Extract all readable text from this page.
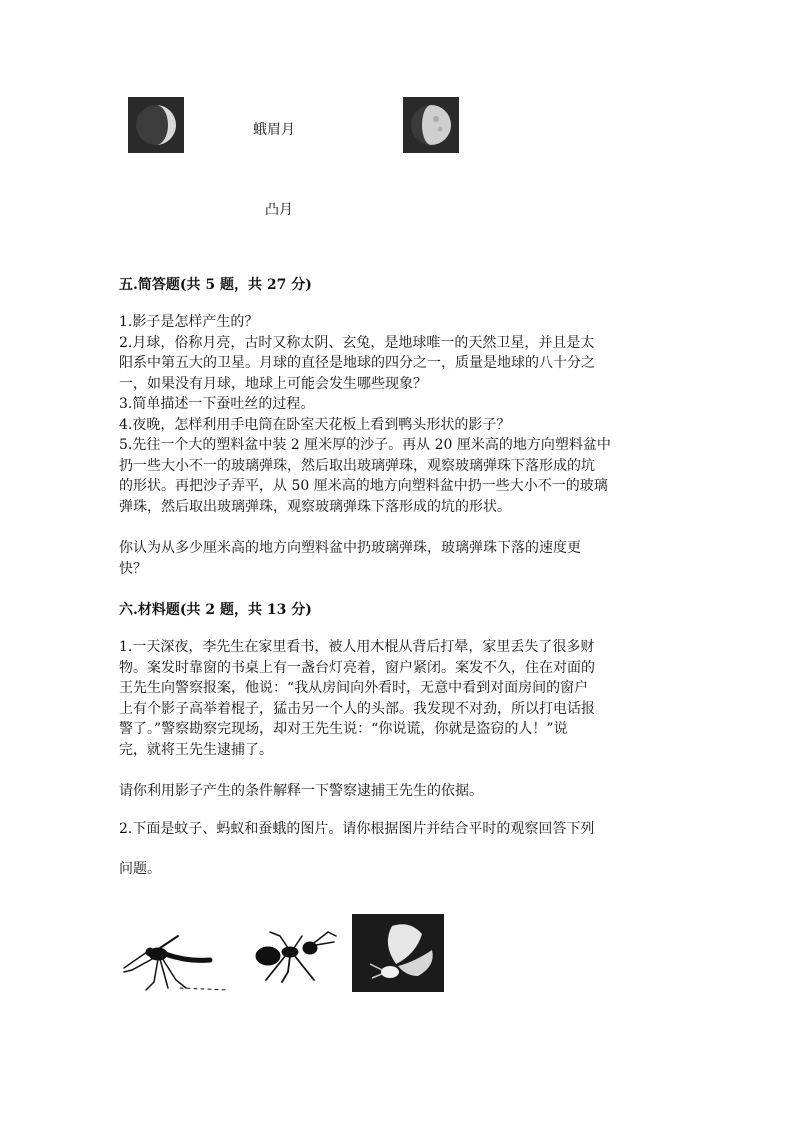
蛾眉月
凸月
五.简答题(共 5 题，共 27 分)
1.影子是怎样产生的？
2.月球，俗称月亮，古时又称太阴、玄兔，是地球唯一的天然卫星，并且是太
阳系中第五大的卫星。月球的直径是地球的四分之一，质量是地球的八十分之
一，如果没有月球，地球上可能会发生哪些现象？
3.简单描述一下蚕吐丝的过程。
4.夜晚，怎样利用手电筒在卧室天花板上看到鸭头形状的影子？
5.先往一个大的塑料盆中装 2 厘米厚的沙子。再从 20 厘米高的地方向塑料盆中
扔一些大小不一的玻璃弹珠，然后取出玻璃弹珠，观察玻璃弹珠下落形成的坑
的形状。再把沙子弄平，从 50 厘米高的地方向塑料盆中扔一些大小不一的玻璃
弹珠，然后取出玻璃弹珠，观察玻璃弹珠下落形成的坑的形状。
你认为从多少厘米高的地方向塑料盆中扔玻璃弹珠，玻璃弹珠下落的速度更
快？
六.材料题(共 2 题，共 13 分)
1.一天深夜，李先生在家里看书，被人用木棍从背后打晕，家里丢失了很多财
物。案发时靠窗的书桌上有一盏台灯亮着，窗户紧闭。案发不久，住在对面的
王先生向警察报案，他说：“我从房间向外看时，无意中看到对面房间的窗户
上有个影子高举着棍子，猛击另一个人的头部。我发现不对劲，所以打电话报
警了。”警察勘察完现场，却对王先生说：“你说谎，你就是盗窃的人！”说
完，就将王先生逮捕了。
请你利用影子产生的条件解释一下警察逮捕王先生的依据。
2.下面是蚊子、蚂蚁和蚕蛾的图片。请你根据图片并结合平时的观察回答下列
问题。
